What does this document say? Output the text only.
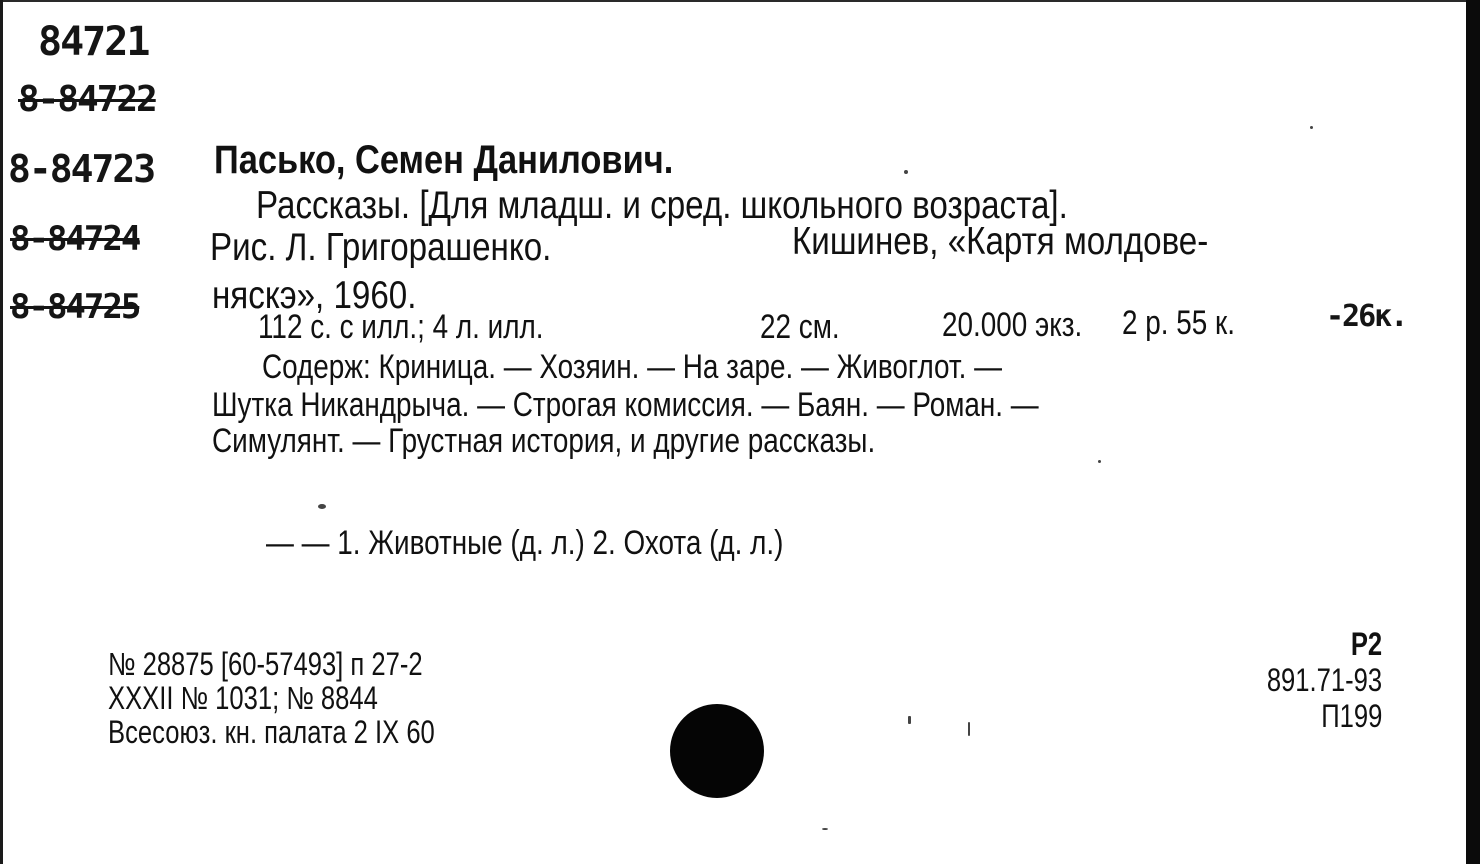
84721
8-84722
8-84723
8-84724
8-84725
Пасько, Семен Данилович.
Рассказы. [Для младш. и сред. школьного возраста].
Рис. Л. Григорашенко.	Кишинев, «Картя молдове-
няскэ», 1960.
112 с. с илл.; 4 л. илл.	22 см.	20.000 экз. 2 р. 55 к.	-26к.
Содерж: Криница. — Хозяин. — На заре. — Живоглот. —
Шутка Никандрыча. — Строгая комиссия. — Баян. — Роман. —
Симулянт. — Грустная история, и другие рассказы.
— — 1. Животные (д. л.) 2. Охота (д. л.)
№ 28875 [60-57493] п 27-2
XXXII № 1031; № 8844
Всесоюз. кн. палата 2 IX 60
Р2
891.71-93
П199
